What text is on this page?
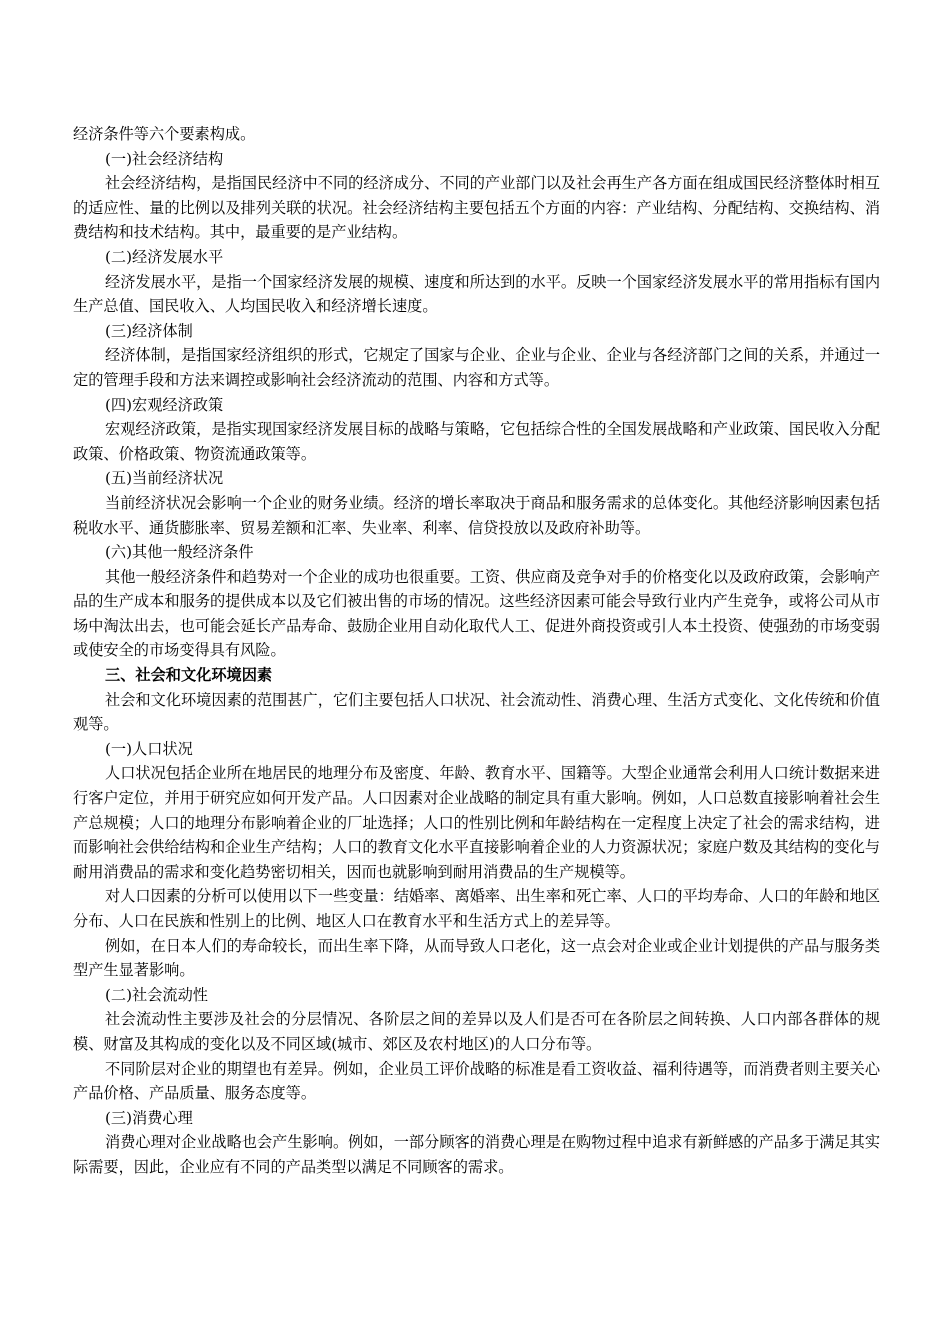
经济条件等六个要素构成。

(一)社会经济结构

社会经济结构，是指国民经济中不同的经济成分、不同的产业部门以及社会再生产各方面在组成国民经济整体时相互的适应性、量的比例以及排列关联的状况。社会经济结构主要包括五个方面的内容：产业结构、分配结构、交换结构、消费结构和技术结构。其中，最重要的是产业结构。

(二)经济发展水平

经济发展水平，是指一个国家经济发展的规模、速度和所达到的水平。反映一个国家经济发展水平的常用指标有国内生产总值、国民收入、人均国民收入和经济增长速度。

(三)经济体制

经济体制，是指国家经济组织的形式，它规定了国家与企业、企业与企业、企业与各经济部门之间的关系，并通过一定的管理手段和方法来调控或影响社会经济流动的范围、内容和方式等。

(四)宏观经济政策

宏观经济政策，是指实现国家经济发展目标的战略与策略，它包括综合性的全国发展战略和产业政策、国民收入分配政策、价格政策、物资流通政策等。

(五)当前经济状况

当前经济状况会影响一个企业的财务业绩。经济的增长率取决于商品和服务需求的总体变化。其他经济影响因素包括税收水平、通货膨胀率、贸易差额和汇率、失业率、利率、信贷投放以及政府补助等。

(六)其他一般经济条件

其他一般经济条件和趋势对一个企业的成功也很重要。工资、供应商及竞争对手的价格变化以及政府政策，会影响产品的生产成本和服务的提供成本以及它们被出售的市场的情况。这些经济因素可能会导致行业内产生竞争，或将公司从市场中淘汰出去，也可能会延长产品寿命、鼓励企业用自动化取代人工、促进外商投资或引人本土投资、使强劲的市场变弱或使安全的市场变得具有风险。

三、社会和文化环境因素

社会和文化环境因素的范围甚广，它们主要包括人口状况、社会流动性、消费心理、生活方式变化、文化传统和价值观等。

(一)人口状况

人口状况包括企业所在地居民的地理分布及密度、年龄、教育水平、国籍等。大型企业通常会利用人口统计数据来进行客户定位，并用于研究应如何开发产品。人口因素对企业战略的制定具有重大影响。例如，人口总数直接影响着社会生产总规模；人口的地理分布影响着企业的厂址选择；人口的性别比例和年龄结构在一定程度上决定了社会的需求结构，进而影响社会供给结构和企业生产结构；人口的教育文化水平直接影响着企业的人力资源状况；家庭户数及其结构的变化与耐用消费品的需求和变化趋势密切相关，因而也就影响到耐用消费品的生产规模等。

对人口因素的分析可以使用以下一些变量：结婚率、离婚率、出生率和死亡率、人口的平均寿命、人口的年龄和地区分布、人口在民族和性别上的比例、地区人口在教育水平和生活方式上的差异等。

例如，在日本人们的寿命较长，而出生率下降，从而导致人口老化，这一点会对企业或企业计划提供的产品与服务类型产生显著影响。

(二)社会流动性

社会流动性主要涉及社会的分层情况、各阶层之间的差异以及人们是否可在各阶层之间转换、人口内部各群体的规模、财富及其构成的变化以及不同区域(城市、郊区及农村地区)的人口分布等。

不同阶层对企业的期望也有差异。例如，企业员工评价战略的标准是看工资收益、福利待遇等，而消费者则主要关心产品价格、产品质量、服务态度等。

(三)消费心理

消费心理对企业战略也会产生影响。例如，一部分顾客的消费心理是在购物过程中追求有新鲜感的产品多于满足其实际需要，因此，企业应有不同的产品类型以满足不同顾客的需求。
